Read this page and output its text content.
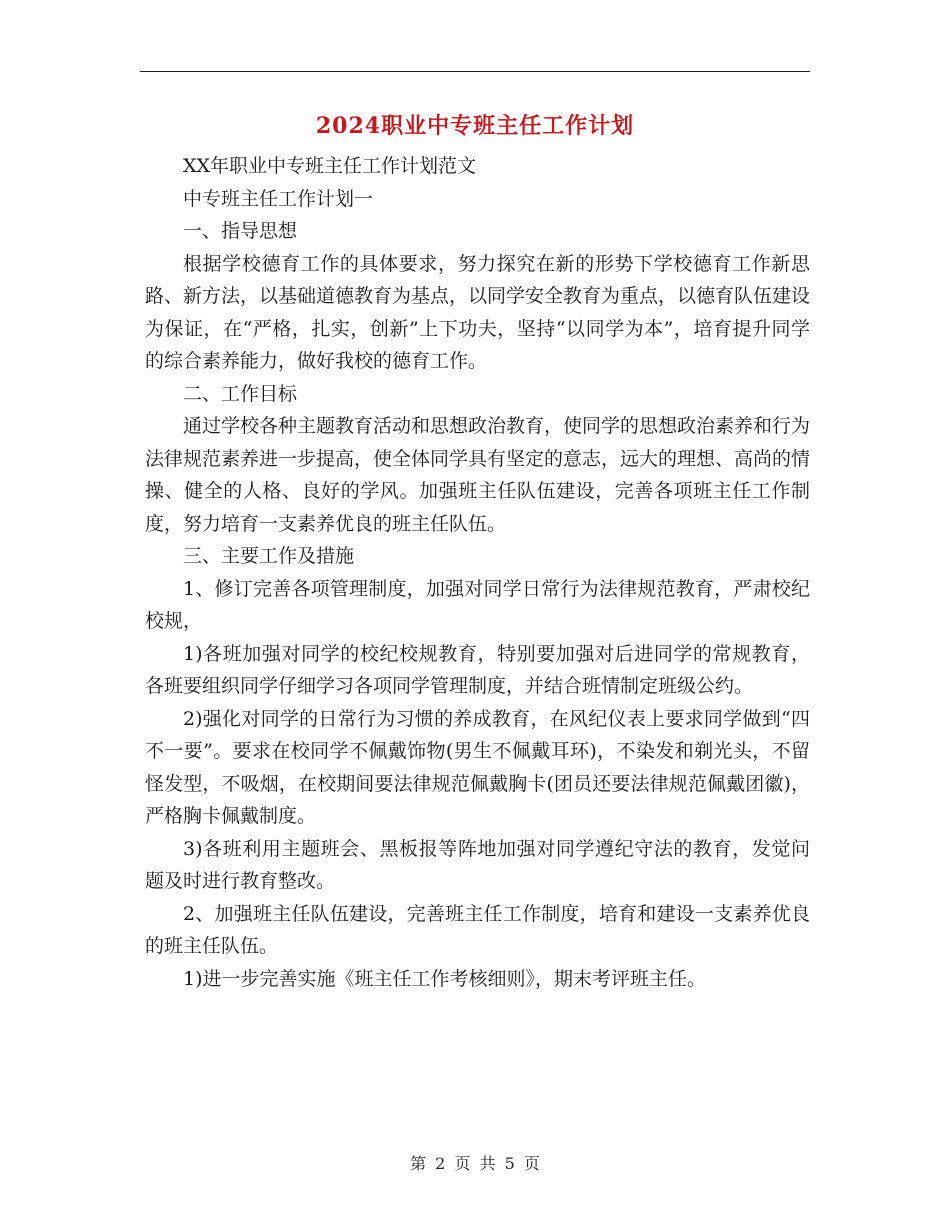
2024职业中专班主任工作计划

XX年职业中专班主任工作计划范文

中专班主任工作计划一

一、指导思想

根据学校德育工作的具体要求，努力探究在新的形势下学校德育工作新思路、新方法，以基础道德教育为基点，以同学安全教育为重点，以德育队伍建设为保证，在“严格，扎实，创新”上下功夫，坚持“以同学为本”，培育提升同学的综合素养能力，做好我校的德育工作。

二、工作目标

通过学校各种主题教育活动和思想政治教育，使同学的思想政治素养和行为法律规范素养进一步提高，使全体同学具有坚定的意志，远大的理想、高尚的情操、健全的人格、良好的学风。加强班主任队伍建设，完善各项班主任工作制度，努力培育一支素养优良的班主任队伍。

三、主要工作及措施

1、修订完善各项管理制度，加强对同学日常行为法律规范教育，严肃校纪校规，

1)各班加强对同学的校纪校规教育，特别要加强对后进同学的常规教育，各班要组织同学仔细学习各项同学管理制度，并结合班情制定班级公约。

2)强化对同学的日常行为习惯的养成教育，在风纪仪表上要求同学做到“四不一要”。要求在校同学不佩戴饰物(男生不佩戴耳环)，不染发和剃光头，不留怪发型，不吸烟，在校期间要法律规范佩戴胸卡(团员还要法律规范佩戴团徽)，严格胸卡佩戴制度。

3)各班利用主题班会、黑板报等阵地加强对同学遵纪守法的教育，发觉问题及时进行教育整改。

2、加强班主任队伍建设，完善班主任工作制度，培育和建设一支素养优良的班主任队伍。

1)进一步完善实施《班主任工作考核细则》，期末考评班主任。

第 2 页 共 5 页
